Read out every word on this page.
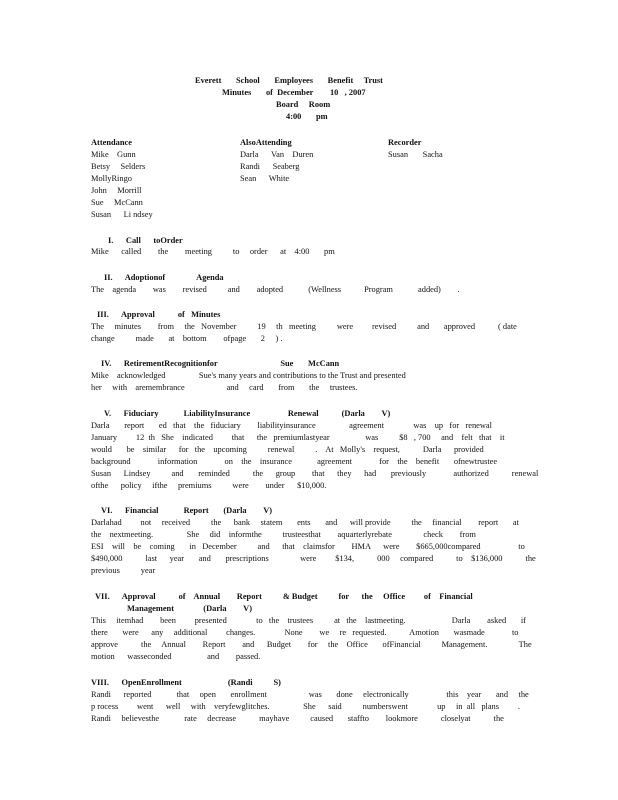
Everett       School       Employees       Benefit     Trust
Minutes       of  December        10   , 2007
Board     Room
4:00       pm
Attendance	AlsoAttending	Recorder
Mike    Gunn
Betsy     Selders
MollyRingo
John     Morrill
Sue     McCann
Susan      Li ndsey
Darla      Van    Duren
Randi      Seaberg
Sean      White
Susan       Sacha
I.      Call      toOrder
Mike      called        the        meeting          to     order      at    4:00       pm
II.      Adoptionof               Agenda
The    agenda        was        revised          and        adopted            (Wellness           Program            added)        .
III.      Approval           of   Minutes
The     minutes        from     the   November          19     th   meeting          were         revised          and       approved           ( date
change          made       at    bottom        ofpage       2     ) .
IV.      RetirementRecognitionfor                              Sue       McCann
Mike    acknowledged                Sue's many years and contributions to the Trust and presented
her     with    aremembrance                    and     card       from       the     trustees.
V.      Fiduciary            LiabilityInsurance                  Renewal           (Darla        V)
Darla       report       ed   that    the   fiduciary        liabilityinsurance                agreement              was    up   for   renewal
January         12  th   She    indicated         that      the   premiumlastyear                 was          $8   , 700     and    felt   that    it
would       be    similar      for   the    upcoming          renewal          .    At   Molly's    request,           Darla      provided
background             information             on    the    insurance            agreement             for    the    benefit       ofnewtrustee
Susan      Lindsey          and       reminded           the      group        that      they      had       previously             authorized           renewal
ofthe      policy     ifthe     premiums          were        under      $10,000.
VI.      Financial            Report       (Darla        V)
Darlahad         not     received          the      bank     statem       ents       and      will provide          the     financial        report       at
the    nextmeeting.                She     did    informthe          trusteesthat        aquarterlyrebate               check        from
ESI    will    be    coming       in   December          and      that    claimsfor        HMA      were        $665,000compared                  to
$490,000           last      year       and       prescriptions               were         $134,           000     compared           to    $136,000           the
previous          year
VII.      Approval           of    Annual        Report          & Budget          for      the     Office         of    Financial
Management              (Darla        V)
This     itemhad        been         presented              to   the    trustees          at   the    lastmeeting.                      Darla        asked       if
there       were      any     additional         changes.              None        we     re   requested.           Amotion       wasmade             to
approve           the     Annual        Report        and      Budget        for     the    Office       ofFinancial          Management.               The
motion      wasseconded                 and        passed.
VIII.      OpenEnrollment                      (Randi          S)
Randi      reported            that     open       enrollment                    was       done     electronically                  this    year       and     the
p rocess         went      well     with    veryfewglitches.                She      said          numberswent              up     in  all   plans         .
Randi     believesthe            rate     decrease           mayhave          caused       staffto        lookmore           closelyat           the
